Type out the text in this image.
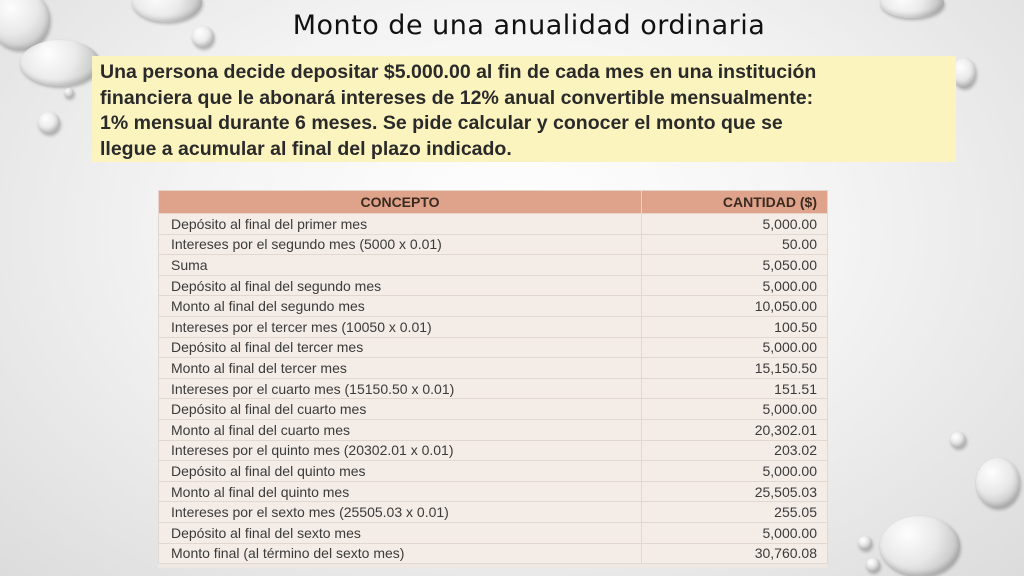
Monto de una anualidad ordinaria
Una persona decide depositar $5.000.00 al fin de cada mes en una institución
financiera que le abonará intereses de 12% anual convertible mensualmente:
1% mensual durante 6 meses. Se pide calcular y conocer el monto que se
llegue a acumular al final del plazo indicado.
CONCEPTO	CANTIDAD ($)
Depósito al final del primer mes	5,000.00
Intereses por el segundo mes (5000 x 0.01)	50.00
Suma	5,050.00
Depósito al final del segundo mes	5,000.00
Monto al final del segundo mes	10,050.00
Intereses por el tercer mes (10050 x 0.01)	100.50
Depósito al final del tercer mes	5,000.00
Monto al final del tercer mes	15,150.50
Intereses por el cuarto mes (15150.50 x 0.01)	151.51
Depósito al final del cuarto mes	5,000.00
Monto al final del cuarto mes	20,302.01
Intereses por el quinto mes (20302.01 x 0.01)	203.02
Depósito al final del quinto mes	5,000.00
Monto al final del quinto mes	25,505.03
Intereses por el sexto mes (25505.03 x 0.01)	255.05
Depósito al final del sexto mes	5,000.00
Monto final (al término del sexto mes)	30,760.08
